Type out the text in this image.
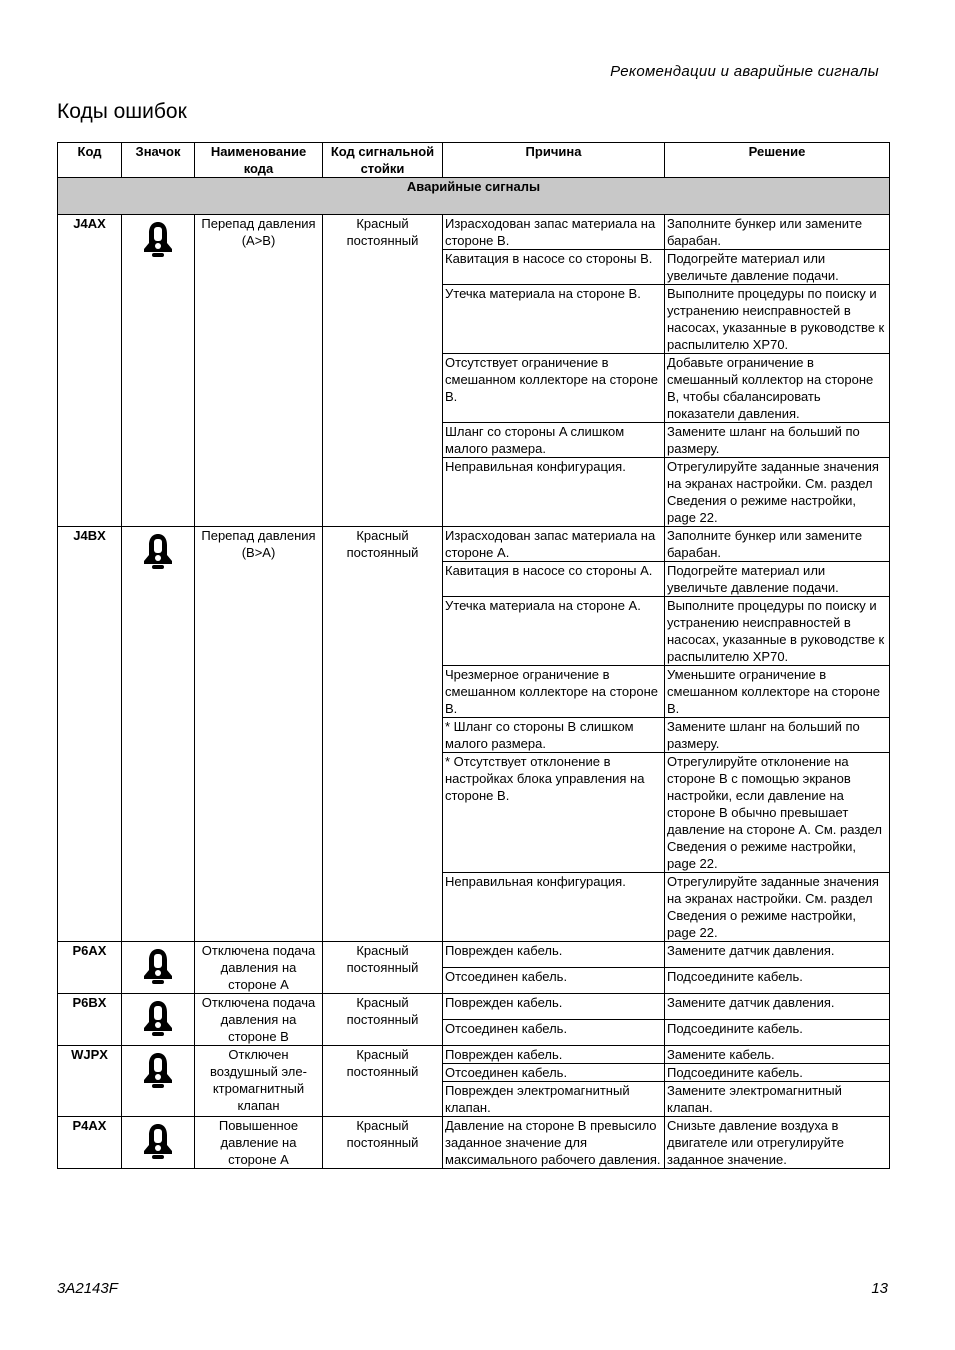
Рекомендации и аварийные сигналы
Коды ошибок
Код	Значок	Наименование кода	Код сигнальной стойки	Причина	Решение
Аварийные сигналы					
J4AX		Перепад давления (A>B)	Красный постоянный	Израсходован запас материала на стороне B.	Заполните бункер или замените барабан.
				Кавитация в насосе со стороны B.	Подогрейте материал или увеличьте давление подачи.
				Утечка материала на стороне B.	Выполните процедуры по поиску и устранению неисправностей в насосах, указанные в руководстве к распылителю XP70.
				Отсутствует ограничение в смешанном коллекторе на стороне B.	Добавьте ограничение в смешанный коллектор на стороне B, чтобы сбалансировать показатели давления.
				Шланг со стороны A слишком малого размера.	Замените шланг на больший по размеру.
				Неправильная конфигурация.	Отрегулируйте заданные значения на экранах настройки. См. раздел Сведения о режиме настройки, page 22.
J4BX		Перепад давления (B>A)	Красный постоянный	Израсходован запас материала на стороне A.	Заполните бункер или замените барабан.
				Кавитация в насосе со стороны A.	Подогрейте материал или увеличьте давление подачи.
				Утечка материала на стороне A.	Выполните процедуры по поиску и устранению неисправностей в насосах, указанные в руководстве к распылителю XP70.
				Чрезмерное ограничение в смешанном коллекторе на стороне B.	Уменьшите ограничение в смешанном коллекторе на стороне B.
				* Шланг со стороны B слишком малого размера.	Замените шланг на больший по размеру.
				* Отсутствует отклонение в настройках блока управления на стороне B.	Отрегулируйте отклонение на стороне B с помощью экранов настройки, если давление на стороне B обычно превышает давление на стороне A. См. раздел Сведения о режиме настройки, page 22.
				Неправильная конфигурация.	Отрегулируйте заданные значения на экранах настройки. См. раздел Сведения о режиме настройки, page 22.
P6AX		Отключена подача давления на стороне A	Красный постоянный	Поврежден кабель.	Замените датчик давления.
				Отсоединен кабель.	Подсоедините кабель.
P6BX		Отключена подача давления на стороне B	Красный постоянный	Поврежден кабель.	Замените датчик давления.
				Отсоединен кабель.	Подсоедините кабель.
WJPX		Отключен воздушный эле- ктромагнитный клапан	Красный постоянный	Поврежден кабель.	Замените кабель.
				Отсоединен кабель.	Подсоедините кабель.
				Поврежден электромагнитный клапан.	Замените электромагнитный клапан.
P4AX		Повышенное давление на стороне A	Красный постоянный	Давление на стороне B превысило заданное значение для максимального рабочего давления.	Снизьте давление воздуха в двигателе или отрегулируйте заданное значение.
3A2143F	13
